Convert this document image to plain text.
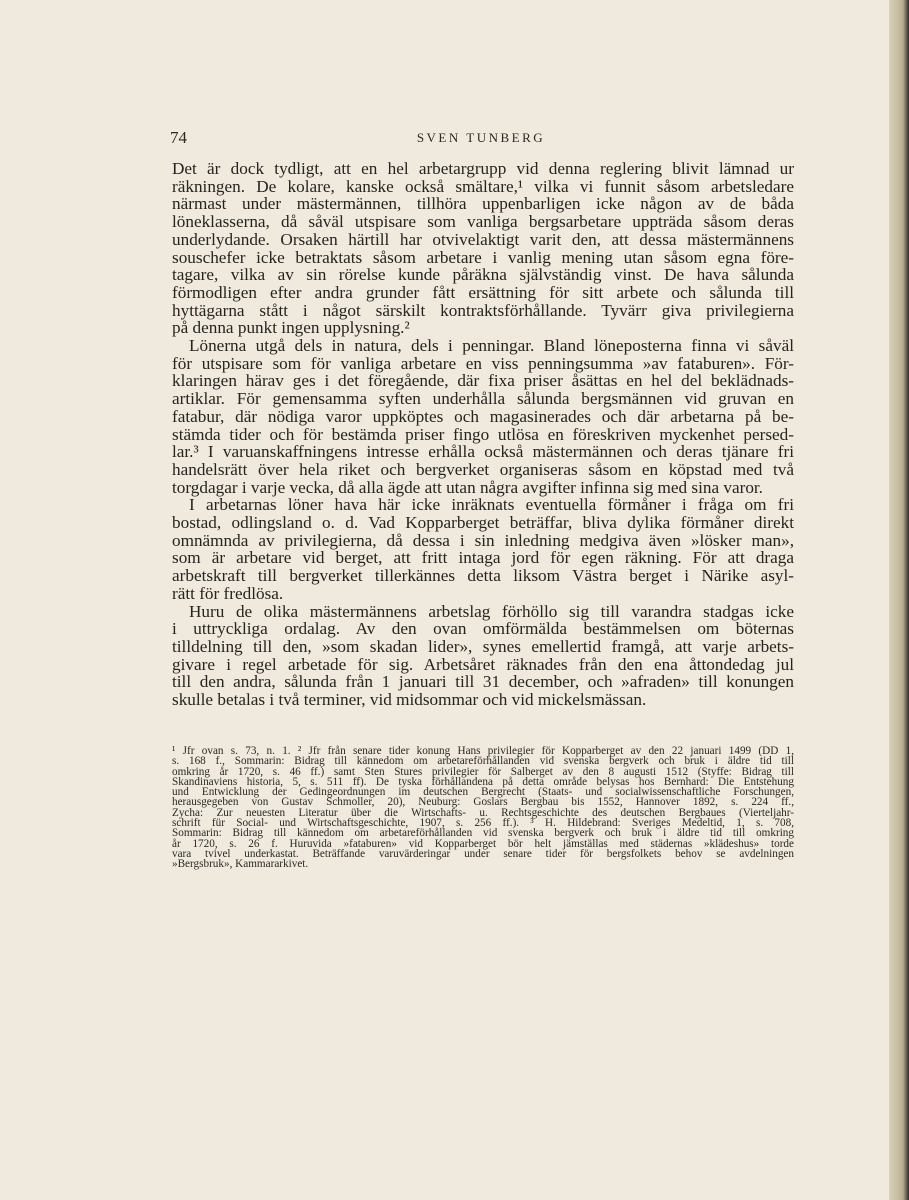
74	SVEN TUNBERG
Det är dock tydligt, att en hel arbetargrupp vid denna reglering blivit lämnad ur
räkningen. De kolare, kanske också smältare,¹ vilka vi funnit såsom arbetsledare
närmast under mästermännen, tillhöra uppenbarligen icke någon av de båda
löneklasserna, då såväl utspisare som vanliga bergsarbetare uppträda såsom deras
underlydande. Orsaken härtill har otvivelaktigt varit den, att dessa mästermännens
souschefer icke betraktats såsom arbetare i vanlig mening utan såsom egna före-
tagare, vilka av sin rörelse kunde påräkna självständig vinst. De hava sålunda
förmodligen efter andra grunder fått ersättning för sitt arbete och sålunda till
hyttägarna stått i något särskilt kontraktsförhållande. Tyvärr giva privilegierna
på denna punkt ingen upplysning.²
Lönerna utgå dels in natura, dels i penningar. Bland löneposterna finna vi såväl
för utspisare som för vanliga arbetare en viss penningsumma »av fataburen». För-
klaringen härav ges i det föregående, där fixa priser åsättas en hel del beklädnads-
artiklar. För gemensamma syften underhålla sålunda bergsmännen vid gruvan en
fatabur, där nödiga varor uppköptes och magasinerades och där arbetarna på be-
stämda tider och för bestämda priser fingo utlösa en föreskriven myckenhet persed-
lar.³ I varuanskaffningens intresse erhålla också mästermännen och deras tjänare fri
handelsrätt över hela riket och bergverket organiseras såsom en köpstad med två
torgdagar i varje vecka, då alla ägde att utan några avgifter infinna sig med sina varor.
I arbetarnas löner hava här icke inräknats eventuella förmåner i fråga om fri
bostad, odlingsland o. d. Vad Kopparberget beträffar, bliva dylika förmåner direkt
omnämnda av privilegierna, då dessa i sin inledning medgiva även »lösker man»,
som är arbetare vid berget, att fritt intaga jord för egen räkning. För att draga
arbetskraft till bergverket tillerkännes detta liksom Västra berget i Närike asyl-
rätt för fredlösa.
Huru de olika mästermännens arbetslag förhöllo sig till varandra stadgas icke
i uttryckliga ordalag. Av den ovan omförmälda bestämmelsen om böternas
tilldelning till den, »som skadan lider», synes emellertid framgå, att varje arbets-
givare i regel arbetade för sig. Arbetsåret räknades från den ena åttondedag jul
till den andra, sålunda från 1 januari till 31 december, och »afraden» till konungen
skulle betalas i två terminer, vid midsommar och vid mickelsmässan.
¹ Jfr ovan s. 73, n. 1. ² Jfr från senare tider konung Hans privilegier för Kopparberget av den 22 januari 1499 (DD 1,
s. 168 f., Sommarin: Bidrag till kännedom om arbetareförhållanden vid svenska bergverk och bruk i äldre tid till
omkring år 1720, s. 46 ff.) samt Sten Stures privilegier för Salberget av den 8 augusti 1512 (Styffe: Bidrag till
Skandinaviens historia, 5, s. 511 ff). De tyska förhållandena på detta område belysas hos Bernhard: Die Entstehung
und Entwicklung der Gedingeordnungen im deutschen Bergrecht (Staats- und socialwissenschaftliche Forschungen,
herausgegeben von Gustav Schmoller, 20), Neuburg: Goslars Bergbau bis 1552, Hannover 1892, s. 224 ff.,
Zycha: Zur neuesten Literatur über die Wirtschafts- u. Rechtsgeschichte des deutschen Bergbaues (Vierteljahr-
schrift für Social- und Wirtschaftsgeschichte, 1907, s. 256 ff.). ³ H. Hildebrand: Sveriges Medeltid, 1, s. 708,
Sommarin: Bidrag till kännedom om arbetareförhållanden vid svenska bergverk och bruk i äldre tid till omkring
år 1720, s. 26 f. Huruvida »fataburen» vid Kopparberget bör helt jämställas med städernas »klädeshus» torde
vara tvivel underkastat. Beträffande varuvärderingar under senare tider för bergsfolkets behov se avdelningen
»Bergsbruk», Kammararkivet.
